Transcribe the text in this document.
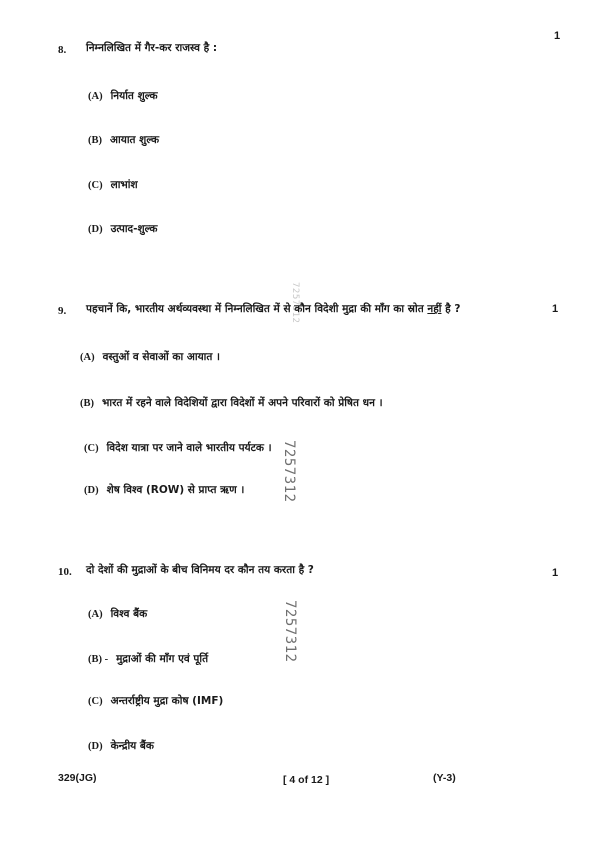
1
8. निम्नलिखित में गैर-कर राजस्व है :
(A) निर्यात शुल्क
(B) आयात शुल्क
(C) लाभांश
(D) उत्पाद-शुल्क
7257312
9. पहचानें कि, भारतीय अर्थव्यवस्था में निम्नलिखित में से कौन विदेशी मुद्रा की माँग का स्रोत नहीं है ?	1
(A) वस्तुओं व सेवाओं का आयात ।
(B) भारत में रहने वाले विदेशियों द्वारा विदेशों में अपने परिवारों को प्रेषित धन ।
(C) विदेश यात्रा पर जाने वाले भारतीय पर्यटक ।
(D) शेष विश्व (ROW) से प्राप्त ऋण ।	7257312
10. दो देशों की मुद्राओं के बीच विनिमय दर कौन तय करता है ?	1
(A) विश्व बैंक
(B) - मुद्राओं की माँग एवं पूर्ति
(C) अन्तर्राष्ट्रीय मुद्रा कोष (IMF)
(D) केन्द्रीय बैंक
7257312
329(JG)	[ 4 of 12 ]	(Y-3)
